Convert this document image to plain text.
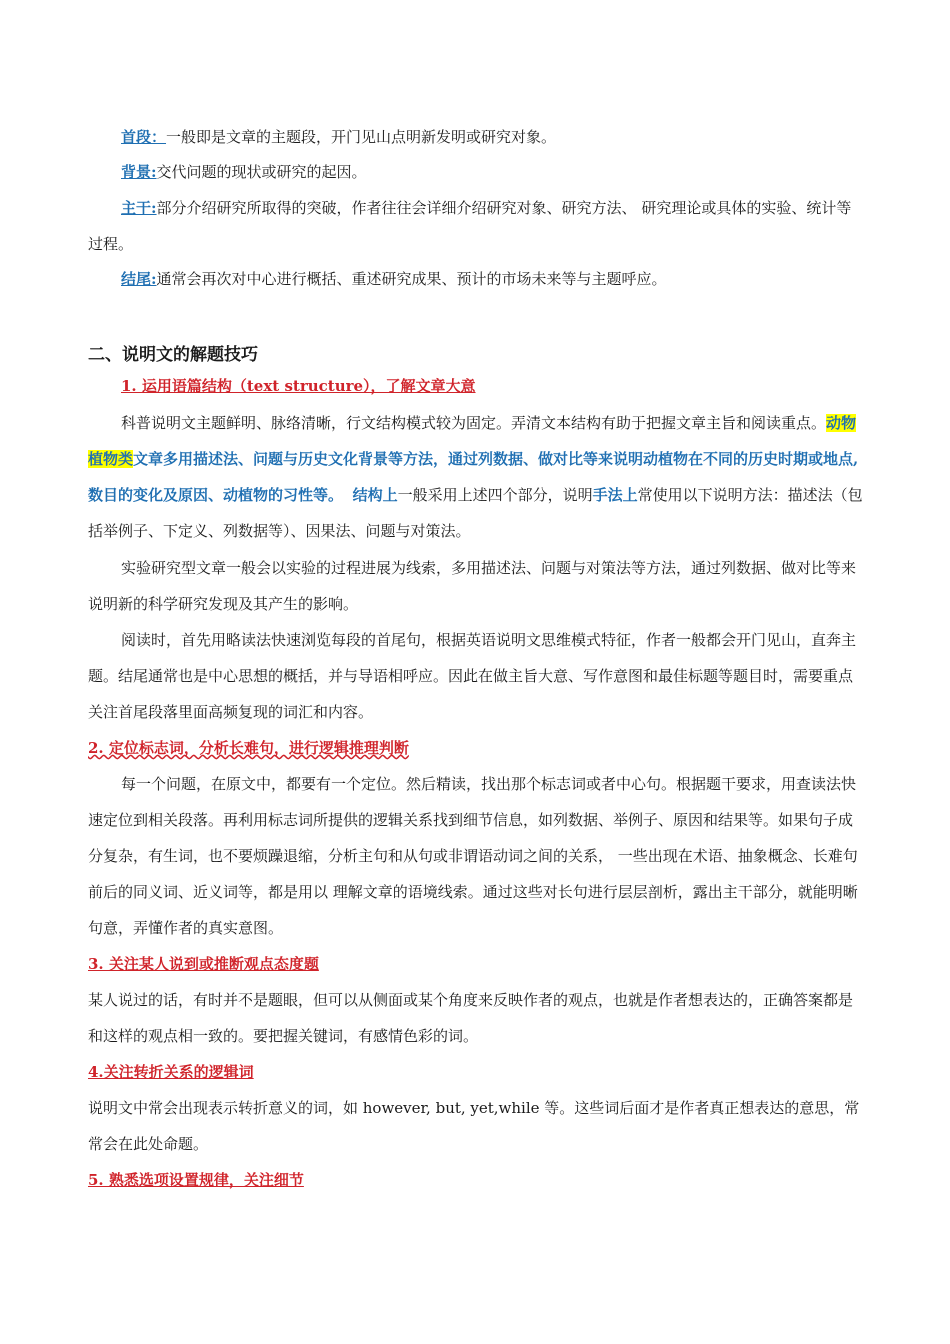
首段：一般即是文章的主题段，开门见山点明新发明或研究对象。

背景:交代问题的现状或研究的起因。

主干:部分介绍研究所取得的突破，作者往往会详细介绍研究对象、研究方法、 研究理论或具体的实验、统计等过程。

结尾:通常会再次对中心进行概括、重述研究成果、预计的市场未来等与主题呼应。

二、说明文的解题技巧

1. 运用语篇结构（text structure），了解文章大意

科普说明文主题鲜明、脉络清晰，行文结构模式较为固定。弄清文本结构有助于把握文章主旨和阅读重点。动物植物类文章多用描述法、问题与历史文化背景等方法，通过列数据、做对比等来说明动植物在不同的历史时期或地点, 数目的变化及原因、动植物的习性等。 结构上一般采用上述四个部分，说明手法上常使用以下说明方法：描述法（包括举例子、下定义、列数据等）、因果法、问题与对策法。

实验研究型文章一般会以实验的过程进展为线索，多用描述法、问题与对策法等方法，通过列数据、做对比等来说明新的科学研究发现及其产生的影响。

阅读时，首先用略读法快速浏览每段的首尾句，根据英语说明文思维模式特征，作者一般都会开门见山，直奔主题。结尾通常也是中心思想的概括，并与导语相呼应。因此在做主旨大意、写作意图和最佳标题等题目时，需要重点关注首尾段落里面高频复现的词汇和内容。

2. 定位标志词，分析长难句，进行逻辑推理判断

每一个问题，在原文中，都要有一个定位。然后精读，找出那个标志词或者中心句。根据题干要求，用查读法快速定位到相关段落。再利用标志词所提供的逻辑关系找到细节信息，如列数据、举例子、原因和结果等。如果句子成分复杂，有生词，也不要烦躁退缩，分析主句和从句或非谓语动词之间的关系， 一些出现在术语、抽象概念、长难句前后的同义词、近义词等，都是用以 理解文章的语境线索。通过这些对长句进行层层剖析，露出主干部分，就能明晰句意，弄懂作者的真实意图。

3. 关注某人说到或推断观点态度题

某人说过的话，有时并不是题眼，但可以从侧面或某个角度来反映作者的观点，也就是作者想表达的，正确答案都是和这样的观点相一致的。要把握关键词，有感情色彩的词。

4.关注转折关系的逻辑词

说明文中常会出现表示转折意义的词，如 however, but, yet,while 等。这些词后面才是作者真正想表达的意思，常常会在此处命题。

5. 熟悉选项设置规律，关注细节
